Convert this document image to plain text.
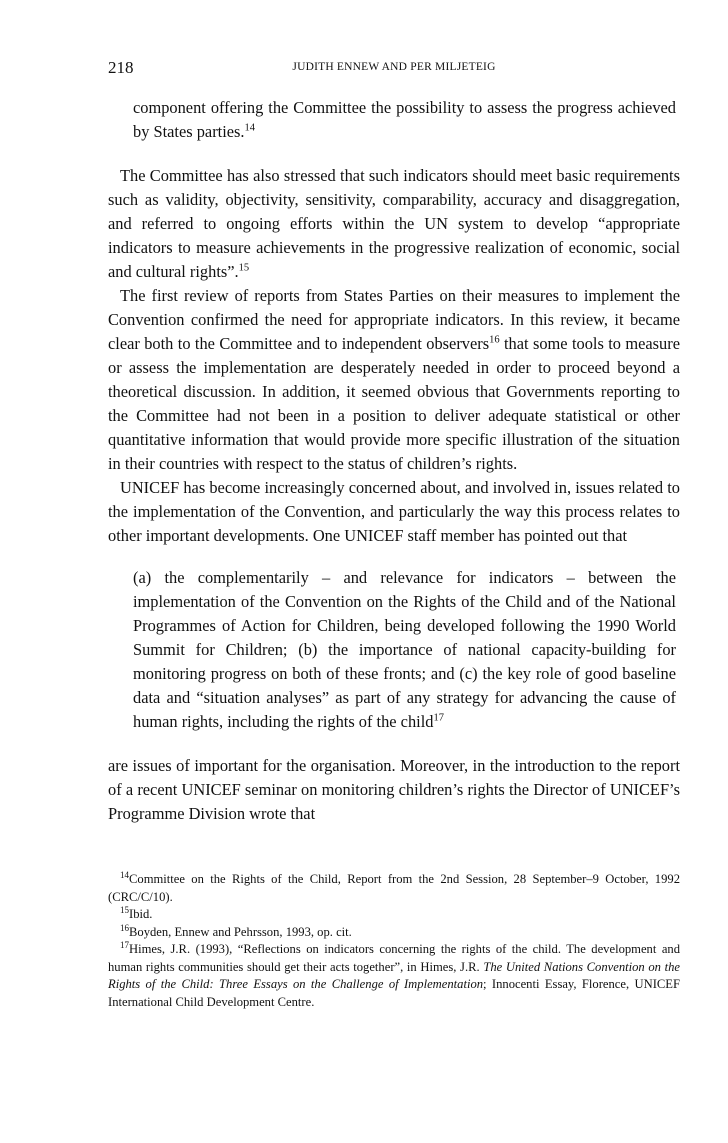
218	JUDITH ENNEW AND PER MILJETEIG

component offering the Committee the possibility to assess the progress achieved by States parties.$^{14}$

The Committee has also stressed that such indicators should meet basic requirements such as validity, objectivity, sensitivity, comparability, accuracy and disaggregation, and referred to ongoing efforts within the UN system to develop “appropriate indicators to measure achievements in the progressive realization of economic, social and cultural rights”.$^{15}$

The first review of reports from States Parties on their measures to implement the Convention confirmed the need for appropriate indicators. In this review, it became clear both to the Committee and to independent observers$^{16}$ that some tools to measure or assess the implementation are desperately needed in order to proceed beyond a theoretical discussion. In addition, it seemed obvious that Governments reporting to the Committee had not been in a position to deliver adequate statistical or other quantitative information that would provide more specific illustration of the situation in their countries with respect to the status of children’s rights.

UNICEF has become increasingly concerned about, and involved in, issues related to the implementation of the Convention, and particularly the way this process relates to other important developments. One UNICEF staff member has pointed out that

(a) the complementarily – and relevance for indicators – between the implementation of the Convention on the Rights of the Child and of the National Programmes of Action for Children, being developed following the 1990 World Summit for Children; (b) the importance of national capacity-building for monitoring progress on both of these fronts; and (c) the key role of good baseline data and “situation analyses” as part of any strategy for advancing the cause of human rights, including the rights of the child$^{17}$

are issues of important for the organisation. Moreover, in the introduction to the report of a recent UNICEF seminar on monitoring children’s rights the Director of UNICEF’s Programme Division wrote that

$^{14}$Committee on the Rights of the Child, Report from the 2nd Session, 28 September–9 October, 1992 (CRC/C/10).

$^{15}$Ibid.

$^{16}$Boyden, Ennew and Pehrsson, 1993, op. cit.

$^{17}$Himes, J.R. (1993), “Reflections on indicators concerning the rights of the child. The development and human rights communities should get their acts together”, in Himes, J.R. The United Nations Convention on the Rights of the Child: Three Essays on the Challenge of Implementation; Innocenti Essay, Florence, UNICEF International Child Development Centre.
